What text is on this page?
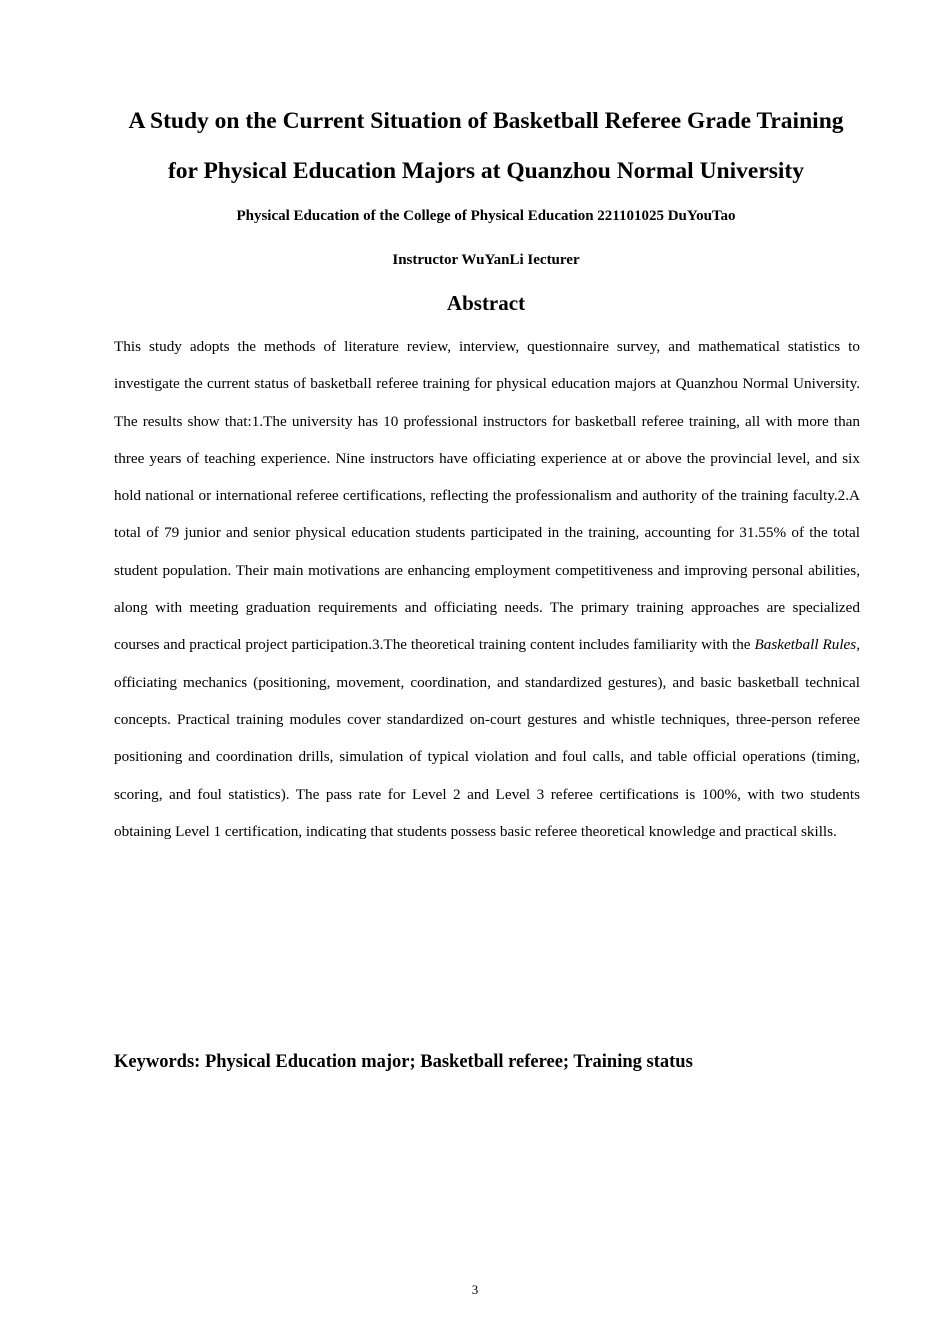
A Study on the Current Situation of Basketball Referee Grade Training
for Physical Education Majors at Quanzhou Normal University

Physical Education of the College of Physical Education 221101025 DuYouTao

Instructor WuYanLi Iecturer

Abstract

This study adopts the methods of literature review, interview, questionnaire survey, and mathematical statistics to investigate the current status of basketball referee training for physical education majors at Quanzhou Normal University. The results show that:1.The university has 10 professional instructors for basketball referee training, all with more than three years of teaching experience. Nine instructors have officiating experience at or above the provincial level, and six hold national or international referee certifications, reflecting the professionalism and authority of the training faculty.2.A total of 79 junior and senior physical education students participated in the training, accounting for 31.55% of the total student population. Their main motivations are enhancing employment competitiveness and improving personal abilities, along with meeting graduation requirements and officiating needs. The primary training approaches are specialized courses and practical project participation.3.The theoretical training content includes familiarity with the Basketball Rules, officiating mechanics (positioning, movement, coordination, and standardized gestures), and basic basketball technical concepts. Practical training modules cover standardized on-court gestures and whistle techniques, three-person referee positioning and coordination drills, simulation of typical violation and foul calls, and table official operations (timing, scoring, and foul statistics). The pass rate for Level 2 and Level 3 referee certifications is 100%, with two students obtaining Level 1 certification, indicating that students possess basic referee theoretical knowledge and practical skills.

Keywords: Physical Education major; Basketball referee; Training status

3
